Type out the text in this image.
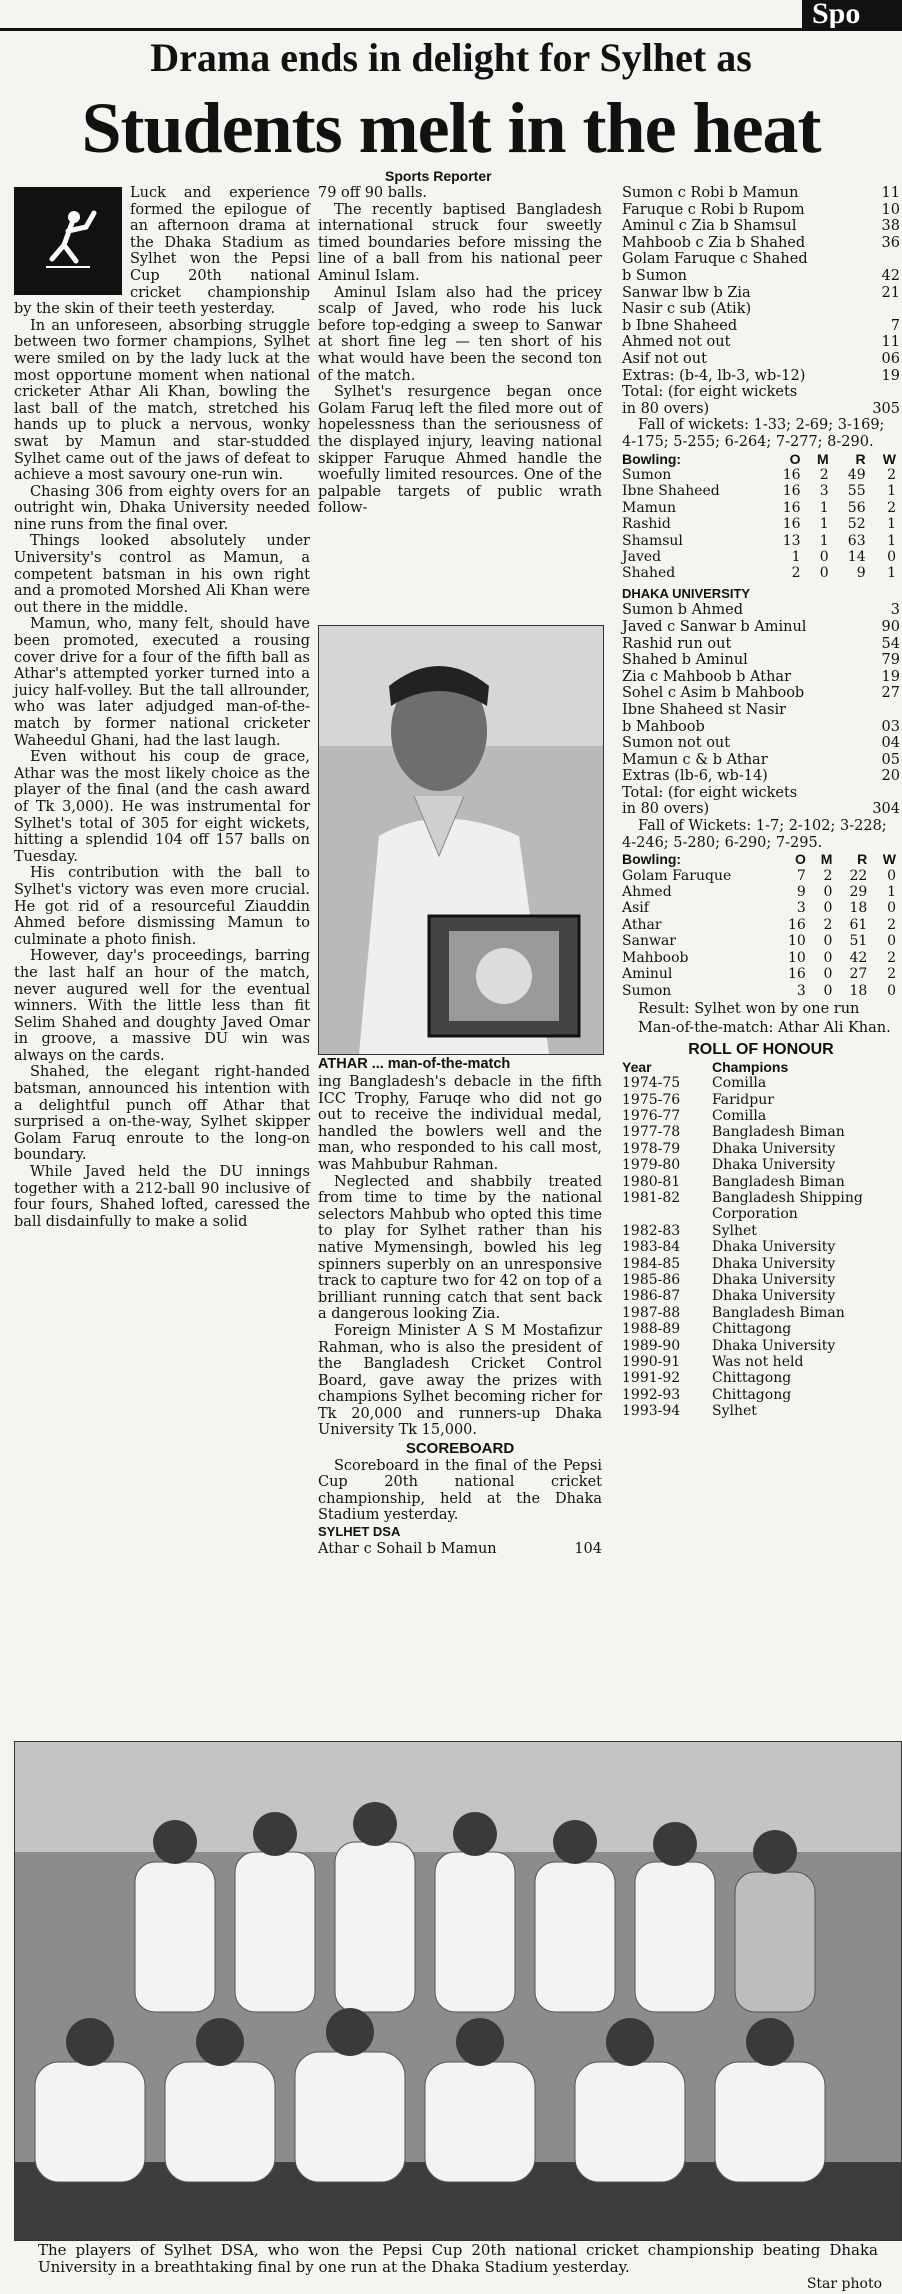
Spo
Drama ends in delight for Sylhet as
Students melt in the heat
Sports Reporter

Luck and experience formed the epilogue of an afternoon drama at the Dhaka Stadium as Sylhet won the Pepsi Cup 20th national cricket championship by the skin of their teeth yesterday.

In an unforeseen, absorbing struggle between two former champions, Sylhet were smiled on by the lady luck at the most opportune moment when national cricketer Athar Ali Khan, bowling the last ball of the match, stretched his hands up to pluck a nervous, wonky swat by Mamun and star-studded Sylhet came out of the jaws of defeat to achieve a most savoury one-run win.

Chasing 306 from eighty overs for an outright win, Dhaka University needed nine runs from the final over.

Things looked absolutely under University's control as Mamun, a competent batsman in his own right and a promoted Morshed Ali Khan were out there in the middle.

Mamun, who, many felt, should have been promoted, executed a rousing cover drive for a four of the fifth ball as Athar's attempted yorker turned into a juicy half-volley. But the tall allrounder, who was later adjudged man-of-the-match by former national cricketer Waheedul Ghani, had the last laugh.

Even without his coup de grace, Athar was the most likely choice as the player of the final (and the cash award of Tk 3,000). He was instrumental for Sylhet's total of 305 for eight wickets, hitting a splendid 104 off 157 balls on Tuesday.

His contribution with the ball to Sylhet's victory was even more crucial. He got rid of a resourceful Ziauddin Ahmed before dismissing Mamun to culminate a photo finish.

However, day's proceedings, barring the last half an hour of the match, never augured well for the eventual winners. With the little less than fit Selim Shahed and doughty Javed Omar in groove, a massive DU win was always on the cards.

Shahed, the elegant right-handed batsman, announced his intention with a delightful punch off Athar that surprised a on-the-way, Sylhet skipper Golam Faruq enroute to the long-on boundary.

While Javed held the DU innings together with a 212-ball 90 inclusive of four fours, Shahed lofted, caressed the ball disdainfully to make a solid

79 off 90 balls.

The recently baptised Bangladesh international struck four sweetly timed boundaries before missing the line of a ball from his national peer Aminul Islam.

Aminul Islam also had the pricey scalp of Javed, who rode his luck before top-edging a sweep to Sanwar at short fine leg — ten short of his what would have been the second ton of the match.

Sylhet's resurgence began once Golam Faruq left the filed more out of hopelessness than the seriousness of the displayed injury, leaving national skipper Faruque Ahmed handle the woefully limited resources. One of the palpable targets of public wrath follow-

ATHAR ... man-of-the-match

ing Bangladesh's debacle in the fifth ICC Trophy, Faruqe who did not go out to receive the individual medal, handled the bowlers well and the man, who responded to his call most, was Mahbubur Rahman.

Neglected and shabbily treated from time to time by the national selectors Mahbub who opted this time to play for Sylhet rather than his native Mymensingh, bowled his leg spinners superbly on an unresponsive track to capture two for 42 on top of a brilliant running catch that sent back a dangerous looking Zia.

Foreign Minister A S M Mostafizur Rahman, who is also the president of the Bangladesh Cricket Control Board, gave away the prizes with champions Sylhet becoming richer for Tk 20,000 and runners-up Dhaka University Tk 15,000.

SCOREBOARD

Scoreboard in the final of the Pepsi Cup 20th national cricket championship, held at the Dhaka Stadium yesterday.

SYLHET DSA
Athar c Sohail b Mamun	104
Sumon c Robi b Mamun	11
Faruque c Robi b Rupom	10
Aminul c Zia b Shamsul	38
Mahboob c Zia b Shahed	36
Golam Faruque c Shahed
b Sumon	42
Sanwar lbw b Zia	21
Nasir c sub (Atik)
b Ibne Shaheed	7
Ahmed not out	11
Asif not out	06
Extras: (b-4, lb-3, wb-12)	19
Total: (for eight wickets
in 80 overs)	305

Fall of wickets: 1-33; 2-69; 3-169; 4-175; 5-255; 6-264; 7-277; 8-290.

Bowling:	O	M	R	W
Sumon	16	2	49	2
Ibne Shaheed	16	3	55	1
Mamun	16	1	56	2
Rashid	16	1	52	1
Shamsul	13	1	63	1
Javed	1	0	14	0
Shahed	2	0	9	1
DHAKA UNIVERSITY
Sumon b Ahmed	3
Javed c Sanwar b Aminul	90
Rashid run out	54
Shahed b Aminul	79
Zia c Mahboob b Athar	19
Sohel c Asim b Mahboob	27
Ibne Shaheed st Nasir
b Mahboob	03
Sumon not out	04
Mamun c & b Athar	05
Extras (lb-6, wb-14)	20
Total: (for eight wickets
in 80 overs)	304

Fall of Wickets: 1-7; 2-102; 3-228; 4-246; 5-280; 6-290; 7-295.

Bowling:	O	M	R	W
Golam Faruque	7	2	22	0
Ahmed	9	0	29	1
Asif	3	0	18	0
Athar	16	2	61	2
Sanwar	10	0	51	0
Mahboob	10	0	42	2
Aminul	16	0	27	2
Sumon	3	0	18	0

Result: Sylhet won by one run

Man-of-the-match: Athar Ali Khan.

ROLL OF HONOUR
Year	Champions
1974-75	Comilla
1975-76	Faridpur
1976-77	Comilla
1977-78	Bangladesh Biman
1978-79	Dhaka University
1979-80	Dhaka University
1980-81	Bangladesh Biman
1981-82	Bangladesh Shipping Corporation
1982-83	Sylhet
1983-84	Dhaka University
1984-85	Dhaka University
1985-86	Dhaka University
1986-87	Dhaka University
1987-88	Bangladesh Biman
1988-89	Chittagong
1989-90	Dhaka University
1990-91	Was not held
1991-92	Chittagong
1992-93	Chittagong
1993-94	Sylhet
The players of Sylhet DSA, who won the Pepsi Cup 20th national cricket championship beating Dhaka University in a breathtaking final by one run at the Dhaka Stadium yesterday.
Star photo
